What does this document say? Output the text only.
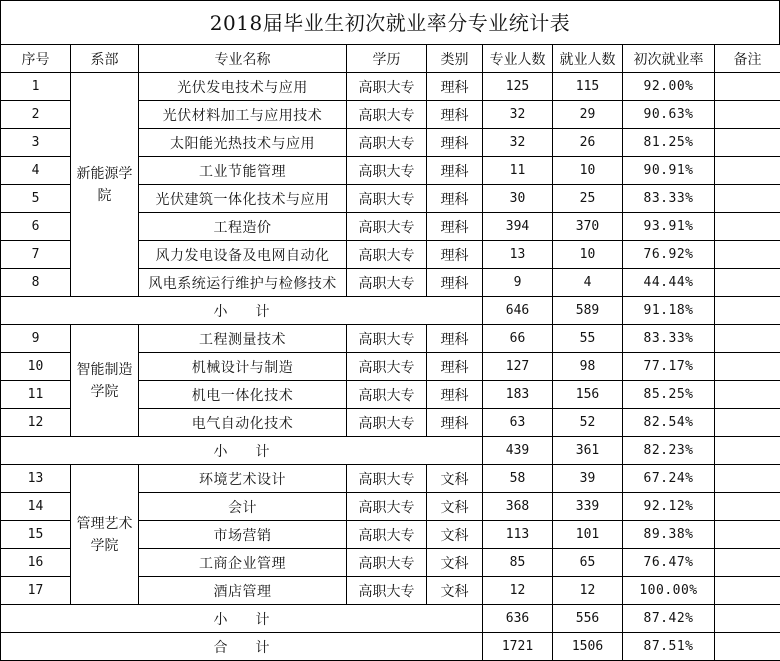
2018届毕业生初次就业率分专业统计表
序号	系部	专业名称	学历	类别	专业人数	就业人数	初次就业率	备注
1	新能源学院	光伏发电技术与应用	高职大专	理科	125	115	92.00%	
2		光伏材料加工与应用技术	高职大专	理科	32	29	90.63%	
3		太阳能光热技术与应用	高职大专	理科	32	26	81.25%	
4		工业节能管理	高职大专	理科	11	10	90.91%	
5		光伏建筑一体化技术与应用	高职大专	理科	30	25	83.33%	
6		工程造价	高职大专	理科	394	370	93.91%	
7		风力发电设备及电网自动化	高职大专	理科	13	10	76.92%	
8		风电系统运行维护与检修技术	高职大专	理科	9	4	44.44%	
小计					646	589	91.18%	
9	智能制造学院	工程测量技术	高职大专	理科	66	55	83.33%	
10		机械设计与制造	高职大专	理科	127	98	77.17%	
11		机电一体化技术	高职大专	理科	183	156	85.25%	
12		电气自动化技术	高职大专	理科	63	52	82.54%	
小计					439	361	82.23%	
13	管理艺术学院	环境艺术设计	高职大专	文科	58	39	67.24%	
14		会计	高职大专	文科	368	339	92.12%	
15		市场营销	高职大专	文科	113	101	89.38%	
16		工商企业管理	高职大专	文科	85	65	76.47%	
17		酒店管理	高职大专	文科	12	12	100.00%	
小计					636	556	87.42%	
合计					1721	1506	87.51%	
